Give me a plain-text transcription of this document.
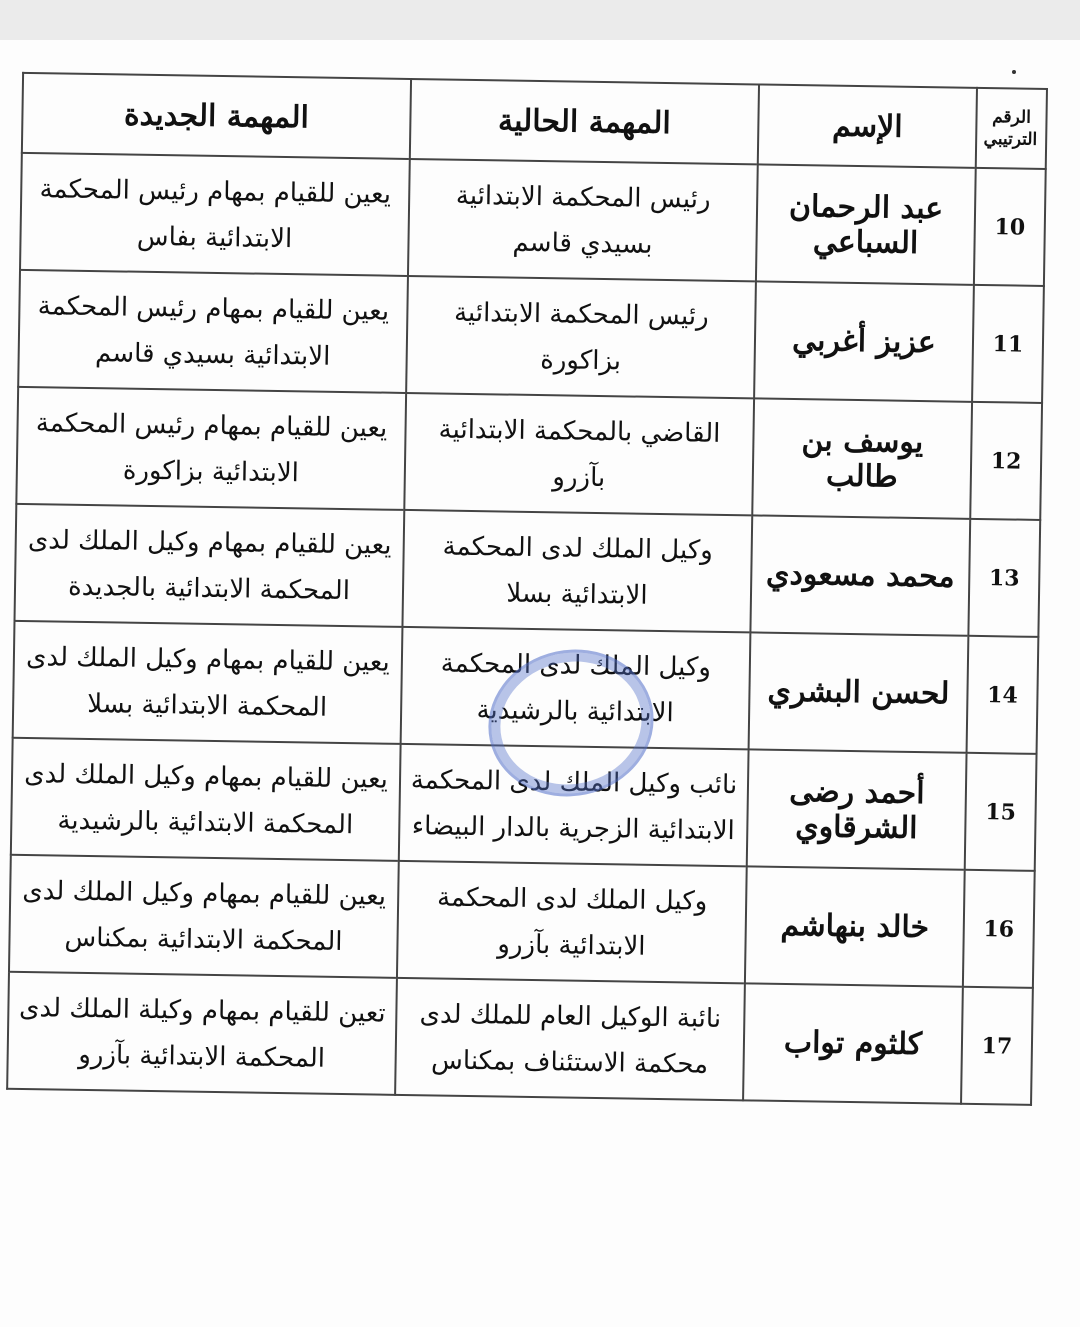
الرقم الترتيبي	الإسم	المهمة الحالية	المهمة الجديدة
10	عبد الرحمان السباعي	رئيس المحكمة الابتدائية بسيدي قاسم	يعين للقيام بمهام رئيس المحكمة الابتدائية بفاس
11	عزيز أغربي	رئيس المحكمة الابتدائية بزاكورة	يعين للقيام بمهام رئيس المحكمة الابتدائية بسيدي قاسم
12	يوسف بن طالب	القاضي بالمحكمة الابتدائية بآزرو	يعين للقيام بمهام رئيس المحكمة الابتدائية بزاكورة
13	محمد مسعودي	وكيل الملك لدى المحكمة الابتدائية بسلا	يعين للقيام بمهام وكيل الملك لدى المحكمة الابتدائية بالجديدة
14	لحسن البشري	وكيل الملك لدى المحكمة الابتدائية بالرشيدية	يعين للقيام بمهام وكيل الملك لدى المحكمة الابتدائية بسلا
15	أحمد رضى الشرقاوي	نائب وكيل الملك لدى المحكمة الابتدائية الزجرية بالدار البيضاء	يعين للقيام بمهام وكيل الملك لدى المحكمة الابتدائية بالرشيدية
16	خالد بنهاشم	وكيل الملك لدى المحكمة الابتدائية بآزرو	يعين للقيام بمهام وكيل الملك لدى المحكمة الابتدائية بمكناس
17	كلثوم تواب	نائبة الوكيل العام للملك لدى محكمة الاستئناف بمكناس	تعين للقيام بمهام وكيلة الملك لدى المحكمة الابتدائية بآزرو
